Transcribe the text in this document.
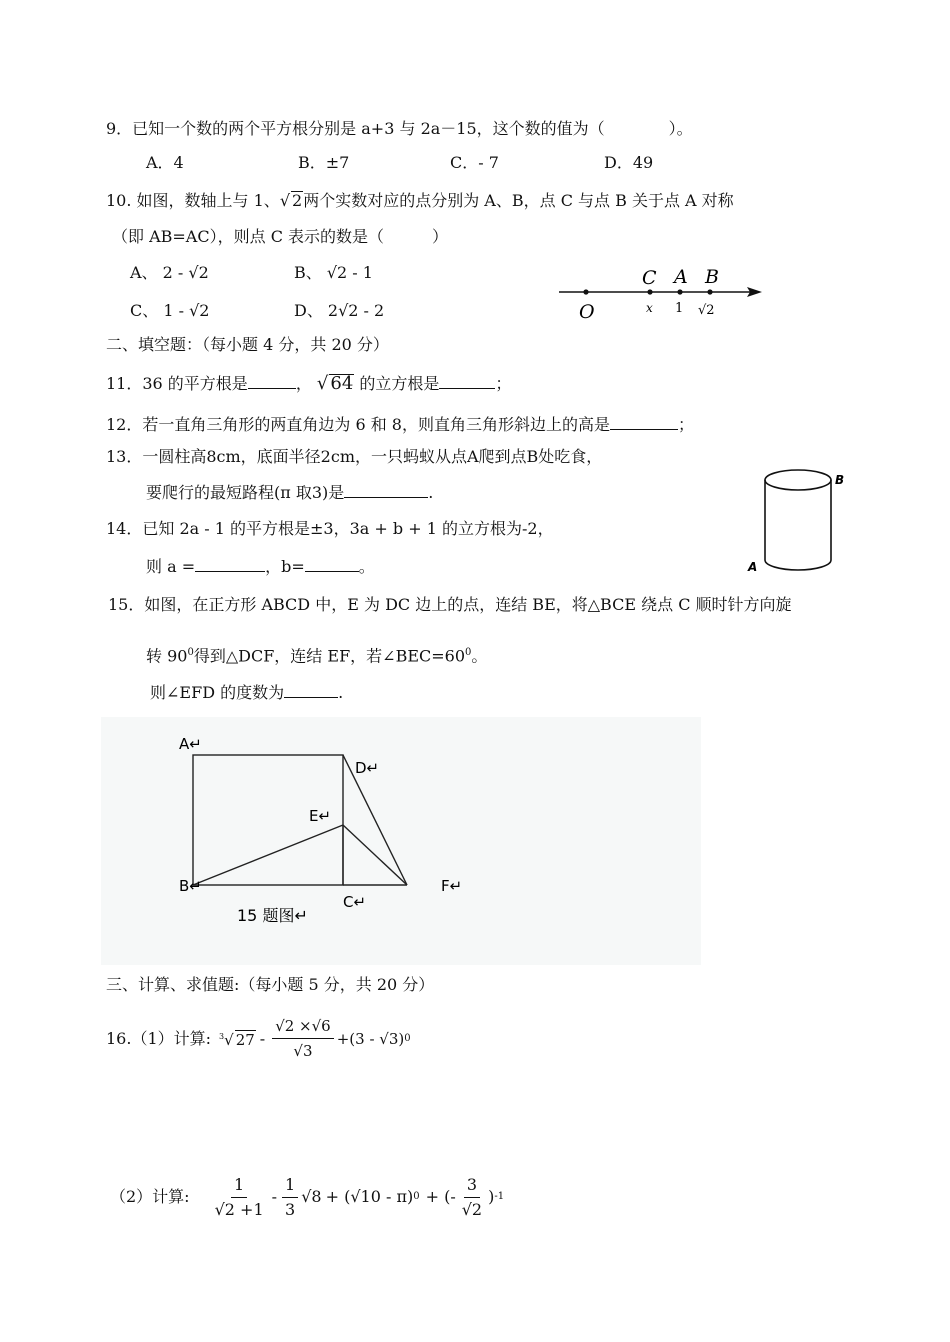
9．已知一个数的两个平方根分别是 a+3 与 2a－15，这个数的值为（　　　　）。
A．4	B．±7	C．- 7	D．49
10. 如图，数轴上与 1、√ 2两个实数对应的点分别为 A、B，点 C 与点 B 关于点 A 对称
（即 AB=AC），则点 C 表示的数是（　　　）
A、 2 - √2	B、 √2 - 1
C、 1 - √2	D、 2√2 - 2
C A B
O	x 1 √2
二、填空题：（每小题 4 分，共 20 分）
11．36 的平方根是	， √ 64 的立方根是	；
12．若一直角三角形的两直角边为 6 和 8，则直角三角形斜边上的高是	；
13．一圆柱高8cm，底面半径2cm，一只蚂蚁从点A爬到点B处吃食，
要爬行的最短路程(π 取3)是	.
A
B
14．已知 2a - 1 的平方根是±3，3a + b + 1 的立方根为-2，
则 a =	，b=	。
15．如图，在正方形 ABCD 中，E 为 DC 边上的点，连结 BE，将△BCE 绕点 C 顺时针方向旋
转 $90^0$得到△DCF，连结 EF，若$\angle BEC=60^0$。
则∠EFD 的度数为	.
A↵
D↵
E↵
B↵
C↵
F↵
15 题图↵
三、计算、求值题:（每小题 5 分，共 20 分）
16.（1）计算: $^3$√ $27 - \frac{√2 \times√6}{√3} +(3 - √3)$ 0
（2）计算: $\frac{1}{√2 +1} - \frac{1}{3} √8 + (√10 - \pi) 0$ + (- $\frac{3}{√2}$ ) -1
